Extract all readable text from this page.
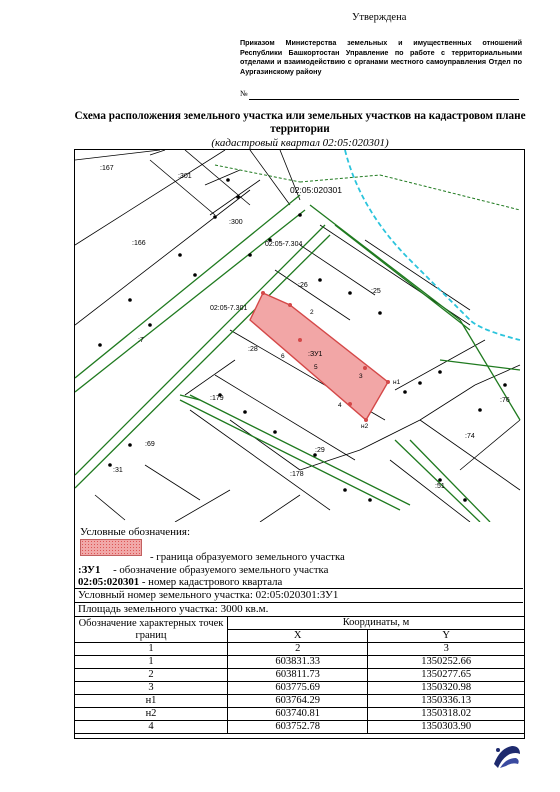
Утверждена
Приказом Министерства земельных и имущественных отношений Республики Башкортостан Управление по работе с территориальными отделами и взаимодействию с органами местного самоуправления Отдел по Аургазинскому району
№
Схема расположения земельного участка или земельных участков на кадастровом плане территории
(кадастровый квартал 02:05:020301)
:167
:301
:300
:166
:7
:26
:25
:28
:ЗУ1
:179
:69
:29
:178
:31
:51
:74
:76
02:05-7.304
02:05-7.301
02:05:020301
2
3
4
5
6
н1
н2
Условные обозначения:
- граница образуемого земельного участка
:ЗУ1 - обозначение образуемого земельного участка
02:05:020301 - номер кадастрового квартала
Условный номер земельного участка: 02:05:020301:ЗУ1
Площадь земельного участка: 3000 кв.м.
Обозначение характерных точек границ	Координаты, м	
	X	Y
1	2	3
1	603831.33	1350252.66
2	603811.73	1350277.65
3	603775.69	1350320.98
н1	603764.29	1350336.13
н2	603740.81	1350318.02
4	603752.78	1350303.90
